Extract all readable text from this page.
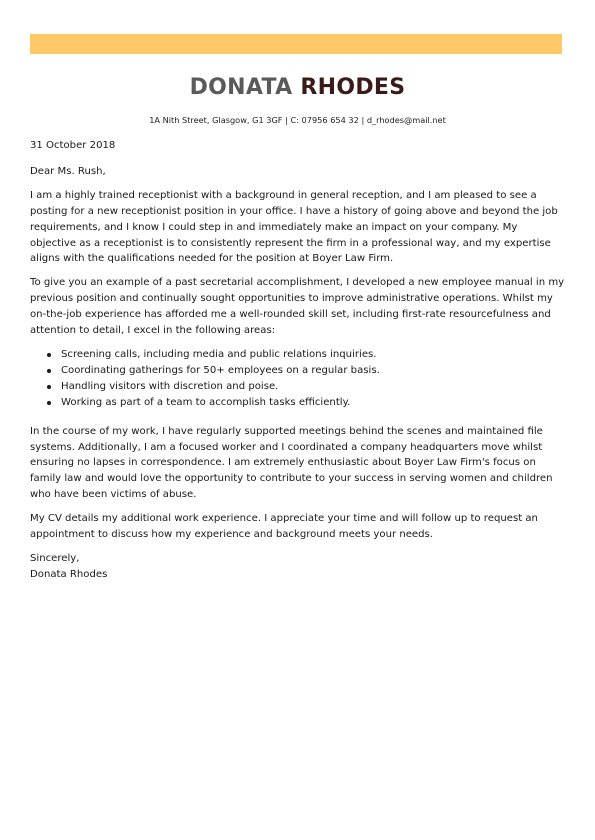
DONATA RHODES
1A Nith Street, Glasgow, G1 3GF | C: 07956 654 32 | d_rhodes@mail.net

31 October 2018

Dear Ms. Rush,

I am a highly trained receptionist with a background in general reception, and I am pleased to see a posting for a new receptionist position in your office. I have a history of going above and beyond the job requirements, and I know I could step in and immediately make an impact on your company. My objective as a receptionist is to consistently represent the firm in a professional way, and my expertise aligns with the qualifications needed for the position at Boyer Law Firm.

To give you an example of a past secretarial accomplishment, I developed a new employee manual in my previous position and continually sought opportunities to improve administrative operations. Whilst my on-the-job experience has afforded me a well-rounded skill set, including first-rate resourcefulness and attention to detail, I excel in the following areas:

Screening calls, including media and public relations inquiries.
Coordinating gatherings for 50+ employees on a regular basis.
Handling visitors with discretion and poise.
Working as part of a team to accomplish tasks efficiently.

In the course of my work, I have regularly supported meetings behind the scenes and maintained file systems. Additionally, I am a focused worker and I coordinated a company headquarters move whilst ensuring no lapses in correspondence. I am extremely enthusiastic about Boyer Law Firm's focus on family law and would love the opportunity to contribute to your success in serving women and children who have been victims of abuse.

My CV details my additional work experience. I appreciate your time and will follow up to request an appointment to discuss how my experience and background meets your needs.

Sincerely,

Donata Rhodes
